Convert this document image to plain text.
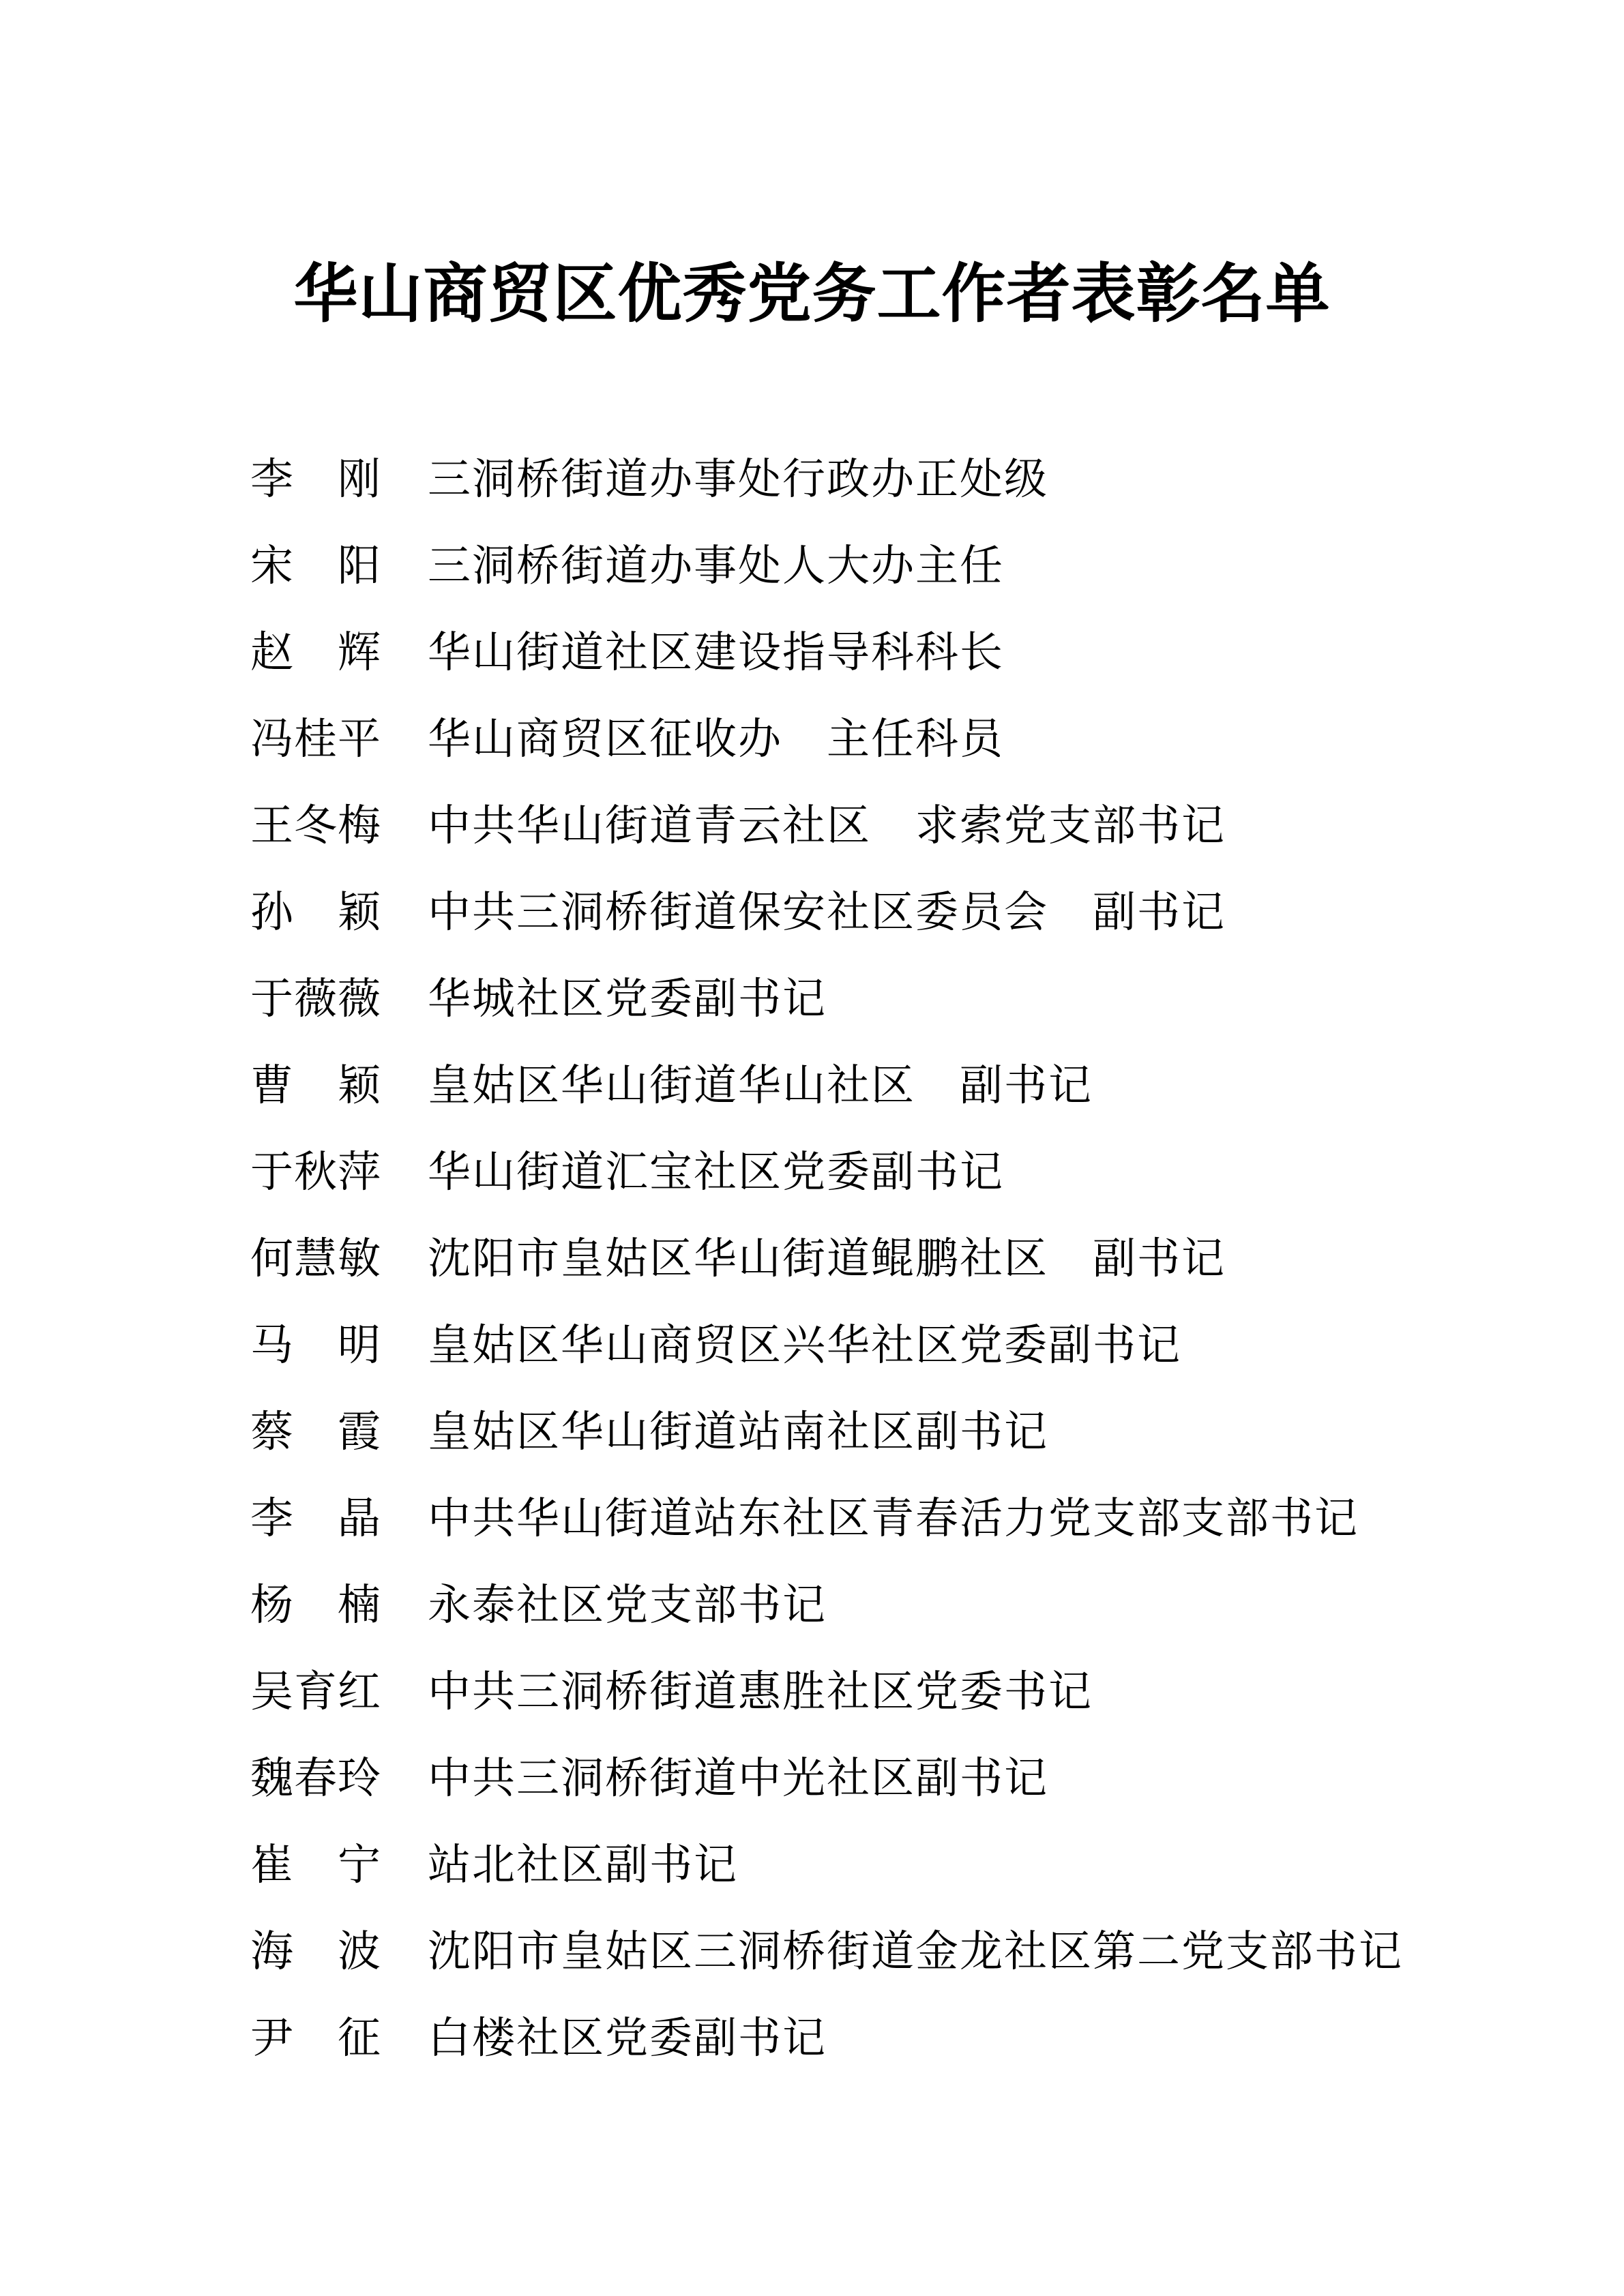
华山商贸区优秀党务工作者表彰名单
李　刚 三洞桥街道办事处行政办正处级
宋　阳 三洞桥街道办事处人大办主任
赵　辉 华山街道社区建设指导科科长
冯桂平 华山商贸区征收办　主任科员
王冬梅 中共华山街道青云社区　求索党支部书记
孙　颖 中共三洞桥街道保安社区委员会　副书记
于薇薇 华城社区党委副书记
曹　颖 皇姑区华山街道华山社区　副书记
于秋萍 华山街道汇宝社区党委副书记
何慧敏 沈阳市皇姑区华山街道鲲鹏社区　副书记
马　明 皇姑区华山商贸区兴华社区党委副书记
蔡　霞 皇姑区华山街道站南社区副书记
李　晶 中共华山街道站东社区青春活力党支部支部书记
杨　楠 永泰社区党支部书记
吴育红 中共三洞桥街道惠胜社区党委书记
魏春玲 中共三洞桥街道中光社区副书记
崔　宁 站北社区副书记
海　波 沈阳市皇姑区三洞桥街道金龙社区第二党支部书记
尹　征 白楼社区党委副书记
